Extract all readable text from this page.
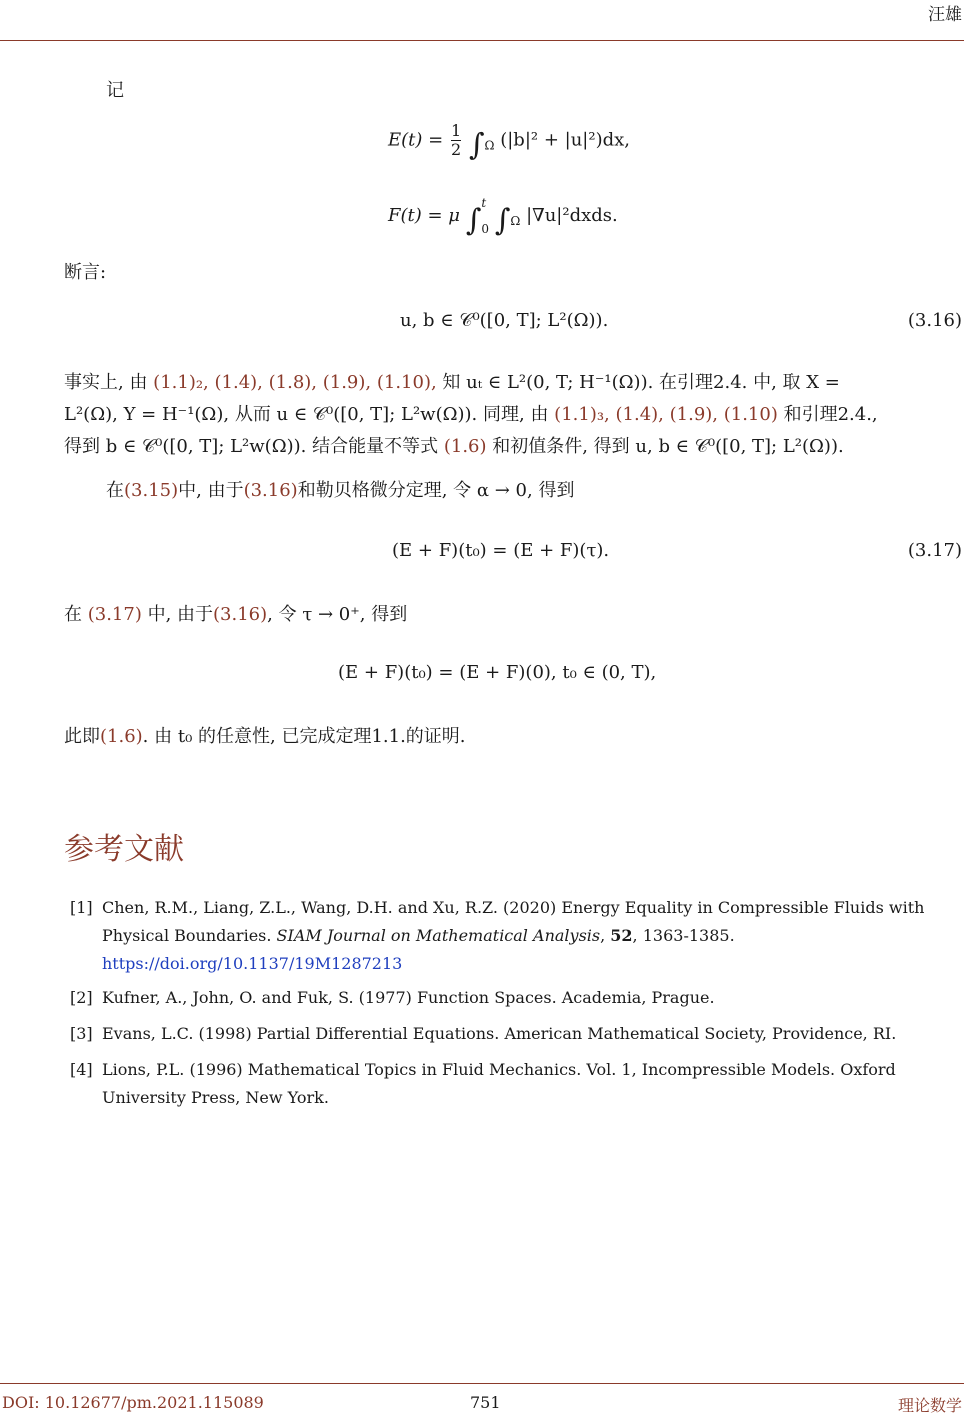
汪雄
记
$E(t) = \frac{1}{2} \int_\Omega$ (|b|² + |u|²)dx,
F(t) = μ ∫ t
0 $\int_\Omega$ |∇u|²dxds.
断言:
u, b ∈ 𝒞⁰([0, T]; L²(Ω)).	(3.16)
事实上, 由 (1.1)₂, (1.4), (1.8), (1.9), (1.10), 知 uₜ ∈ L²(0, T; H⁻¹(Ω)). 在引理2.4. 中, 取 X =
L²(Ω), Y = H⁻¹(Ω), 从而 u ∈ 𝒞⁰([0, T]; L²w(Ω)). 同理, 由 (1.1)₃, (1.4), (1.9), (1.10) 和引理2.4.,
得到 b ∈ 𝒞⁰([0, T]; L²w(Ω)). 结合能量不等式 (1.6) 和初值条件, 得到 u, b ∈ 𝒞⁰([0, T]; L²(Ω)).
在(3.15)中, 由于(3.16)和勒贝格微分定理, 令 α → 0, 得到
(E + F)(t₀) = (E + F)(τ).	(3.17)
在 (3.17) 中, 由于(3.16), 令 τ → 0⁺, 得到
(E + F)(t₀) = (E + F)(0), t₀ ∈ (0, T),
此即(1.6). 由 t₀ 的任意性, 已完成定理1.1.的证明.
参考文献
[1] Chen, R.M., Liang, Z.L., Wang, D.H. and Xu, R.Z. (2020) Energy Equality in Compressible Fluids with Physical Boundaries. SIAM Journal on Mathematical Analysis, 52, 1363-1385.
https://doi.org/10.1137/19M1287213
[2] Kufner, A., John, O. and Fuk, S. (1977) Function Spaces. Academia, Prague.
[3] Evans, L.C. (1998) Partial Differential Equations. American Mathematical Society, Providence, RI.
[4] Lions, P.L. (1996) Mathematical Topics in Fluid Mechanics. Vol. 1, Incompressible Models. Oxford University Press, New York.
DOI: 10.12677/pm.2021.115089	751	理论数学
